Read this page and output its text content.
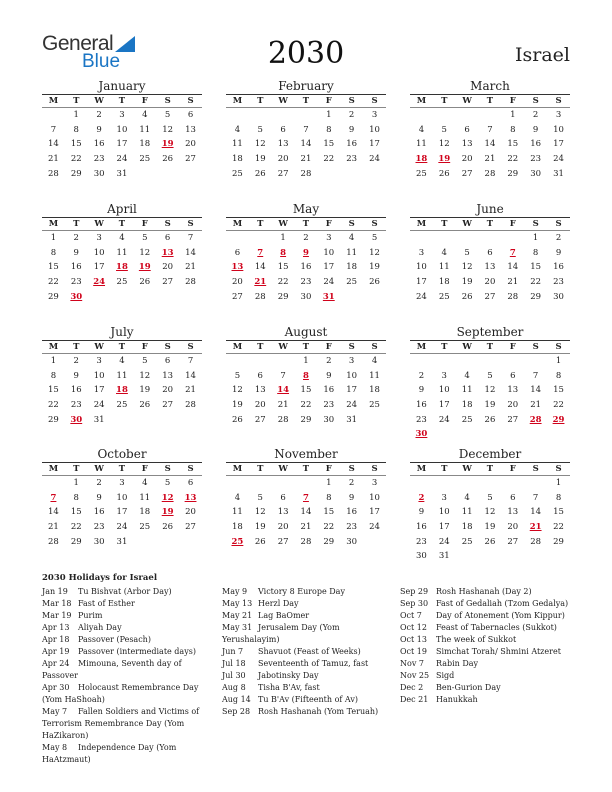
General
Blue	2030	Israel
January
M	T	W	T	F	S	S
	1	2	3	4	5	6
7	8	9	10	11	12	13
14	15	16	17	18	19	20
21	22	23	24	25	26	27
28	29	30	31			
February
M	T	W	T	F	S	S
				1	2	3
4	5	6	7	8	9	10
11	12	13	14	15	16	17
18	19	20	21	22	23	24
25	26	27	28			
March
M	T	W	T	F	S	S
				1	2	3
4	5	6	7	8	9	10
11	12	13	14	15	16	17
18	19	20	21	22	23	24
25	26	27	28	29	30	31
April
M	T	W	T	F	S	S
1	2	3	4	5	6	7
8	9	10	11	12	13	14
15	16	17	18	19	20	21
22	23	24	25	26	27	28
29	30					
May
M	T	W	T	F	S	S
		1	2	3	4	5
6	7	8	9	10	11	12
13	14	15	16	17	18	19
20	21	22	23	24	25	26
27	28	29	30	31		
June
M	T	W	T	F	S	S
					1	2
3	4	5	6	7	8	9
10	11	12	13	14	15	16
17	18	19	20	21	22	23
24	25	26	27	28	29	30
July
M	T	W	T	F	S	S
1	2	3	4	5	6	7
8	9	10	11	12	13	14
15	16	17	18	19	20	21
22	23	24	25	26	27	28
29	30	31				
August
M	T	W	T	F	S	S
			1	2	3	4
5	6	7	8	9	10	11
12	13	14	15	16	17	18
19	20	21	22	23	24	25
26	27	28	29	30	31	
September
M	T	W	T	F	S	S
						1
2	3	4	5	6	7	8
9	10	11	12	13	14	15
16	17	18	19	20	21	22
23	24	25	26	27	28	29
30						
October
M	T	W	T	F	S	S
	1	2	3	4	5	6
7	8	9	10	11	12	13
14	15	16	17	18	19	20
21	22	23	24	25	26	27
28	29	30	31			
November
M	T	W	T	F	S	S
				1	2	3
4	5	6	7	8	9	10
11	12	13	14	15	16	17
18	19	20	21	22	23	24
25	26	27	28	29	30	
December
M	T	W	T	F	S	S
						1
2	3	4	5	6	7	8
9	10	11	12	13	14	15
16	17	18	19	20	21	22
23	24	25	26	27	28	29
30	31					
2030 Holidays for Israel
Jan 19 Tu Bishvat (Arbor Day)
Mar 18 Fast of Esther
Mar 19 Purim
Apr 13 Aliyah Day
Apr 18 Passover (Pesach)
Apr 19 Passover (intermediate days)
Apr 24 Mimouna, Seventh day of
Passover
Apr 30 Holocaust Remembrance Day
(Yom HaShoah)
May 7 Fallen Soldiers and Victims of
Terrorism Remembrance Day (Yom
HaZikaron)
May 8 Independence Day (Yom
HaAtzmaut)
May 9 Victory 8 Europe Day
May 13 Herzl Day
May 21 Lag BaOmer
May 31 Jerusalem Day (Yom
Yerushalayim)
Jun 7 Shavuot (Feast of Weeks)
Jul 18 Seventeenth of Tamuz, fast
Jul 30 Jabotinsky Day
Aug 8 Tisha B'Av, fast
Aug 14 Tu B'Av (Fifteenth of Av)
Sep 28 Rosh Hashanah (Yom Teruah)
Sep 29 Rosh Hashanah (Day 2)
Sep 30 Fast of Gedaliah (Tzom Gedalya)
Oct 7 Day of Atonement (Yom Kippur)
Oct 12 Feast of Tabernacles (Sukkot)
Oct 13 The week of Sukkot
Oct 19 Simchat Torah/ Shmini Atzeret
Nov 7 Rabin Day
Nov 25 Sigd
Dec 2 Ben-Gurion Day
Dec 21 Hanukkah
